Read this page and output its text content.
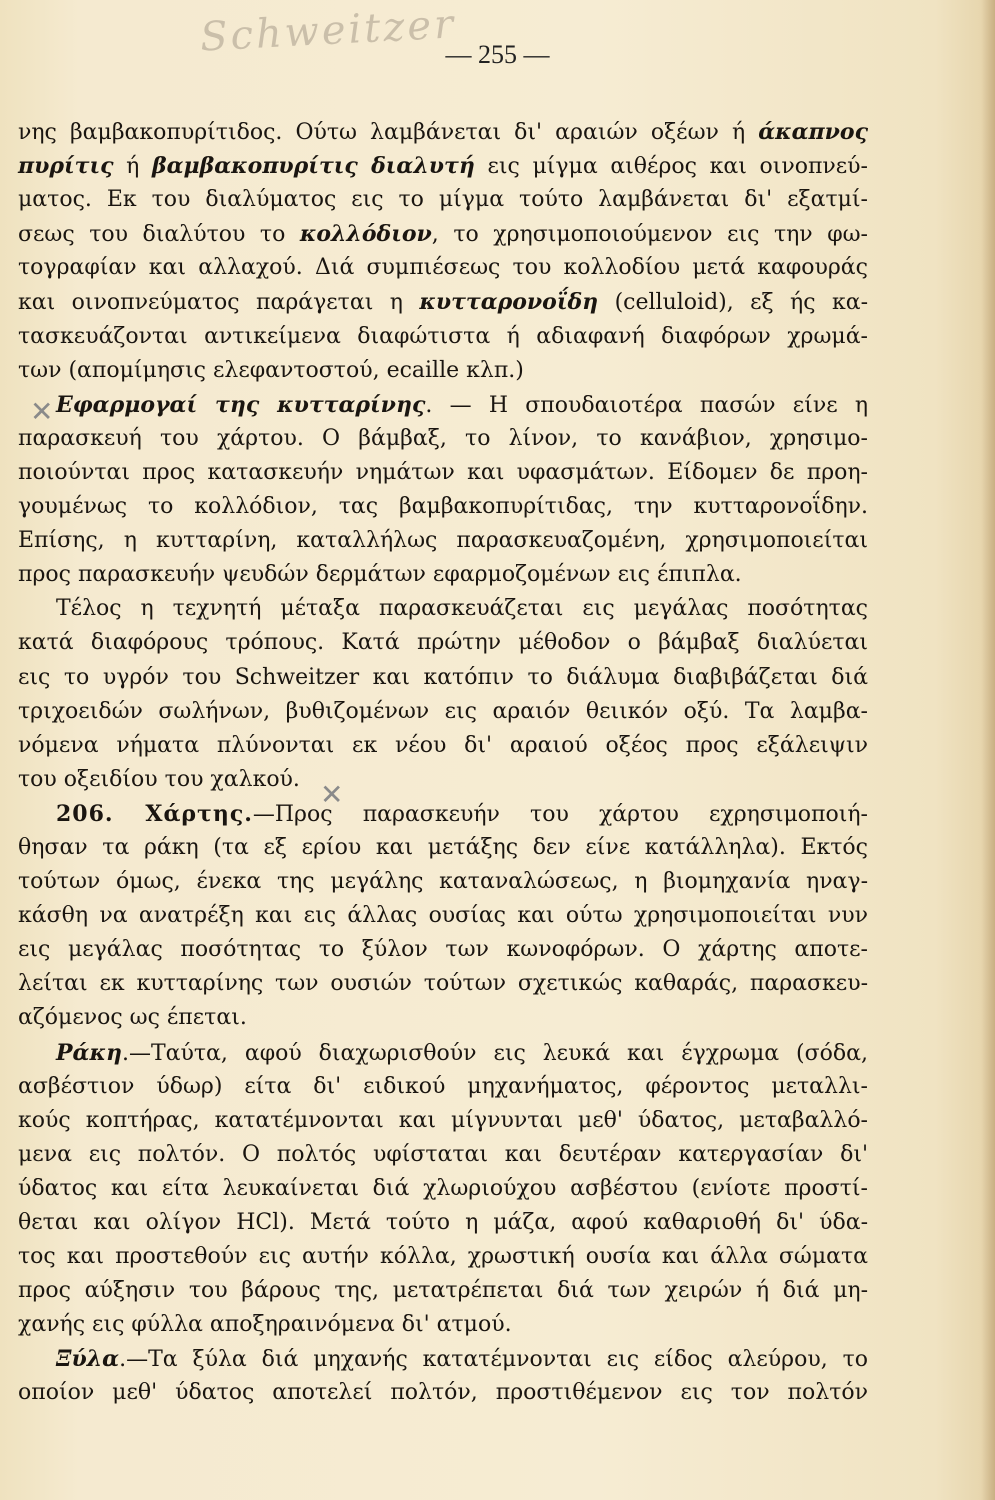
Schweitzer
— 255 —
✕
✕
νης βαμβακοπυρίτιδος. Ούτω λαμβάνεται δι' αραιών οξέων ή άκαπνος
πυρίτις ή βαμβακοπυρίτις διαλυτή εις μίγμα αιθέρος και οινοπνεύ-
ματος. Εκ του διαλύματος εις το μίγμα τούτο λαμβάνεται δι' εξατμί-
σεως του διαλύτου το κολλόδιον, το χρησιμοποιούμενον εις την φω-
τογραφίαν και αλλαχού. Διά συμπιέσεως του κολλοδίου μετά καφουράς
και οινοπνεύματος παράγεται η κυτταρονοΐδη (celluloid), εξ ής κα-
τασκευάζονται αντικείμενα διαφώτιστα ή αδιαφανή διαφόρων χρωμά-
των (απομίμησις ελεφαντοστού, ecaille κλπ.)
Εφαρμογαί της κυτταρίνης. — Η σπουδαιοτέρα πασών είνε η
παρασκευή του χάρτου. Ο βάμβαξ, το λίνον, το κανάβιον, χρησιμο-
ποιούνται προς κατασκευήν νημάτων και υφασμάτων. Είδομεν δε προη-
γουμένως το κολλόδιον, τας βαμβακοπυρίτιδας, την κυτταρονοΐδην.
Επίσης, η κυτταρίνη, καταλλήλως παρασκευαζομένη, χρησιμοποιείται
προς παρασκευήν ψευδών δερμάτων εφαρμοζομένων εις έπιπλα.
Τέλος η τεχνητή μέταξα παρασκευάζεται εις μεγάλας ποσότητας
κατά διαφόρους τρόπους. Κατά πρώτην μέθοδον ο βάμβαξ διαλύεται
εις το υγρόν του Schweitzer και κατόπιν το διάλυμα διαβιβάζεται διά
τριχοειδών σωλήνων, βυθιζομένων εις αραιόν θειικόν οξύ. Τα λαμβα-
νόμενα νήματα πλύνονται εκ νέου δι' αραιού οξέος προς εξάλειψιν
του οξειδίου του χαλκού.
206. Χάρτης.—Προς παρασκευήν του χάρτου εχρησιμοποιή-
θησαν τα ράκη (τα εξ ερίου και μετάξης δεν είνε κατάλληλα). Εκτός
τούτων όμως, ένεκα της μεγάλης καταναλώσεως, η βιομηχανία ηναγ-
κάσθη να ανατρέξη και εις άλλας ουσίας και ούτω χρησιμοποιείται νυν
εις μεγάλας ποσότητας το ξύλον των κωνοφόρων. Ο χάρτης αποτε-
λείται εκ κυτταρίνης των ουσιών τούτων σχετικώς καθαράς, παρασκευ-
αζόμενος ως έπεται.
Ράκη.—Ταύτα, αφού διαχωρισθούν εις λευκά και έγχρωμα (σόδα,
ασβέστιον ύδωρ) είτα δι' ειδικού μηχανήματος, φέροντος μεταλλι-
κούς κοπτήρας, κατατέμνονται και μίγνυνται μεθ' ύδατος, μεταβαλλό-
μενα εις πολτόν. Ο πολτός υφίσταται και δευτέραν κατεργασίαν δι'
ύδατος και είτα λευκαίνεται διά χλωριούχου ασβέστου (ενίοτε προστί-
θεται και ολίγον HCl). Μετά τούτο η μάζα, αφού καθαριοθή δι' ύδα-
τος και προστεθούν εις αυτήν κόλλα, χρωστική ουσία και άλλα σώματα
προς αύξησιν του βάρους της, μετατρέπεται διά των χειρών ή διά μη-
χανής εις φύλλα αποξηραινόμενα δι' ατμού.
Ξύλα.—Τα ξύλα διά μηχανής κατατέμνονται εις είδος αλεύρου, το
οποίον μεθ' ύδατος αποτελεί πολτόν, προστιθέμενον εις τον πολτόν
